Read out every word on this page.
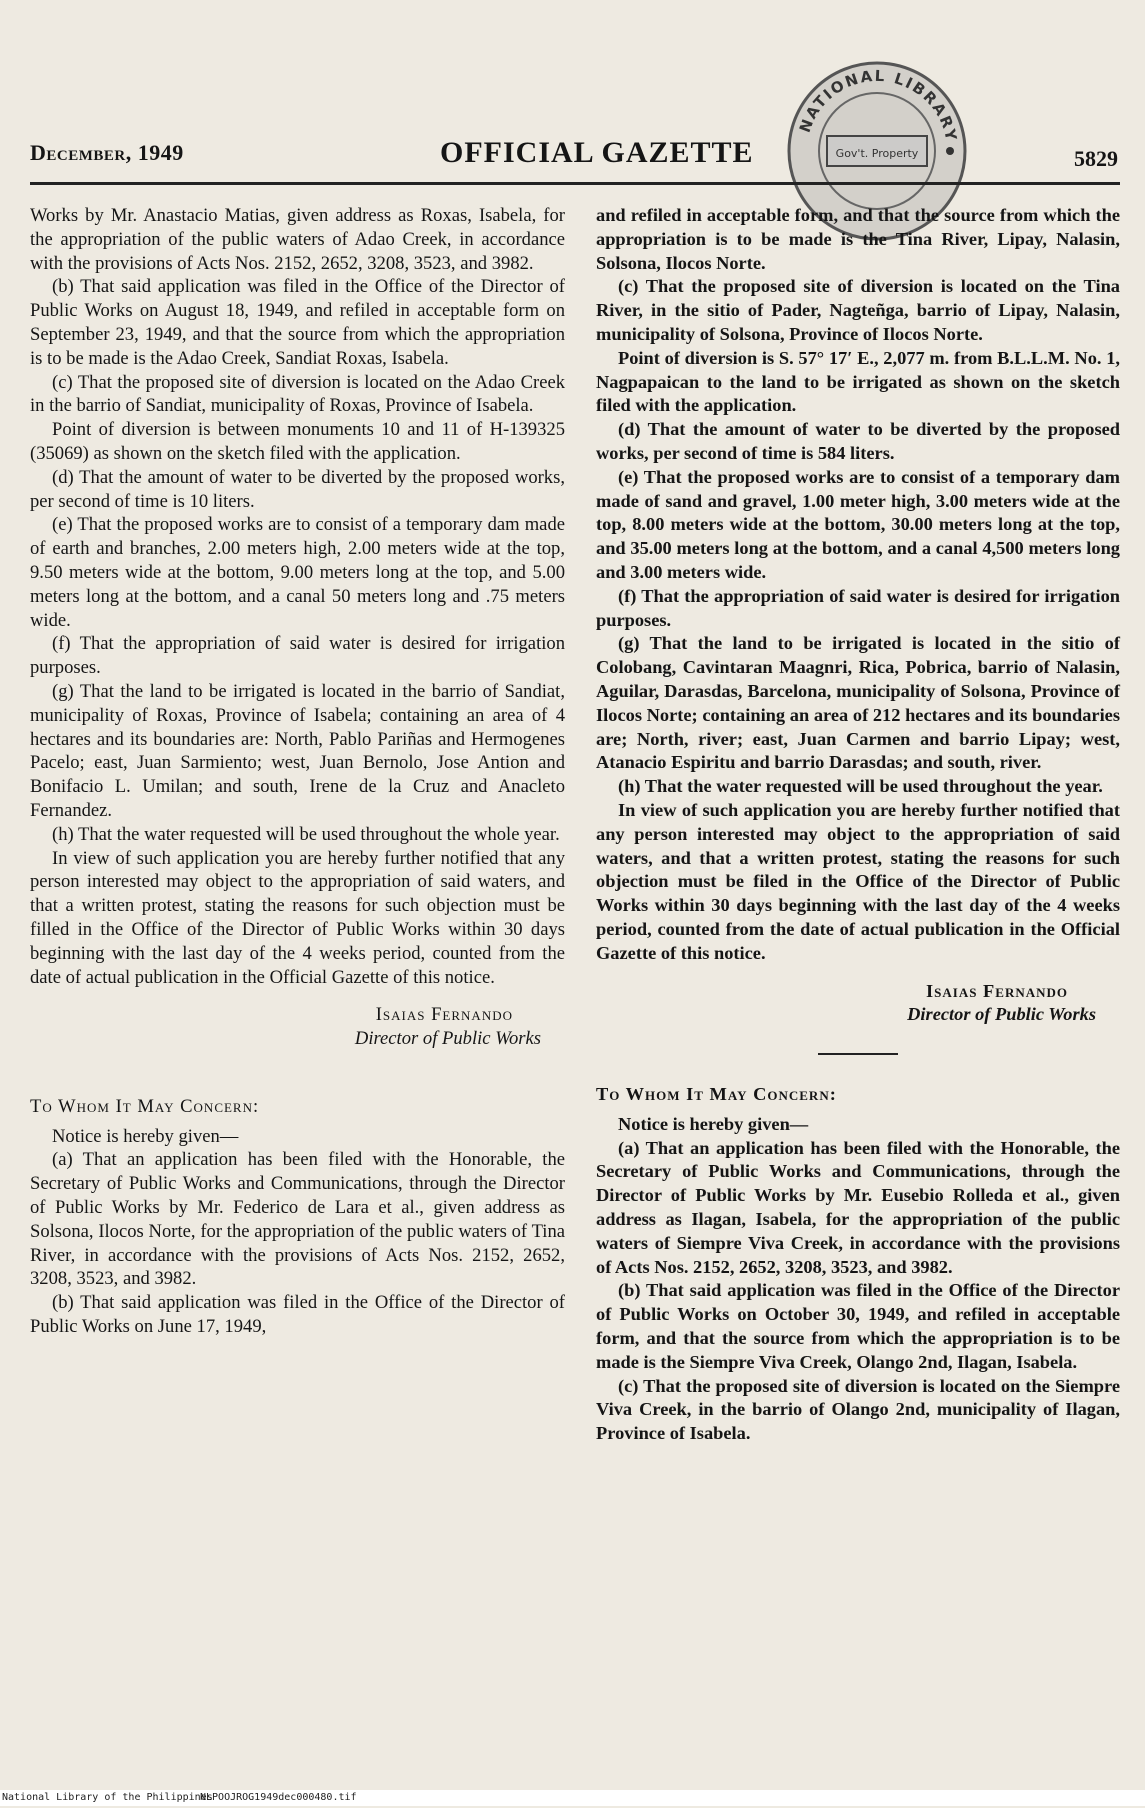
December, 1949	OFFICIAL GAZETTE	5829
NATIONAL LIBRARY
Gov't. Property

Works by Mr. Anastacio Matias, given address as Roxas, Isabela, for the appropriation of the public waters of Adao Creek, in accordance with the provisions of Acts Nos. 2152, 2652, 3208, 3523, and 3982.

(b) That said application was filed in the Office of the Director of Public Works on August 18, 1949, and refiled in acceptable form on September 23, 1949, and that the source from which the appropriation is to be made is the Adao Creek, Sandiat Roxas, Isabela.

(c) That the proposed site of diversion is located on the Adao Creek in the barrio of Sandiat, municipality of Roxas, Province of Isabela.

Point of diversion is between monuments 10 and 11 of H-139325 (35069) as shown on the sketch filed with the application.

(d) That the amount of water to be diverted by the proposed works, per second of time is 10 liters.

(e) That the proposed works are to consist of a temporary dam made of earth and branches, 2.00 meters high, 2.00 meters wide at the top, 9.50 meters wide at the bottom, 9.00 meters long at the top, and 5.00 meters long at the bottom, and a canal 50 meters long and .75 meters wide.

(f) That the appropriation of said water is desired for irrigation purposes.

(g) That the land to be irrigated is located in the barrio of Sandiat, municipality of Roxas, Province of Isabela; containing an area of 4 hectares and its boundaries are: North, Pablo Pariñas and Hermogenes Pacelo; east, Juan Sarmiento; west, Juan Bernolo, Jose Antion and Bonifacio L. Umilan; and south, Irene de la Cruz and Anacleto Fernandez.

(h) That the water requested will be used throughout the whole year.

In view of such application you are hereby further notified that any person interested may object to the appropriation of said waters, and that a written protest, stating the reasons for such objection must be filled in the Office of the Director of Public Works within 30 days beginning with the last day of the 4 weeks period, counted from the date of actual publication in the Official Gazette of this notice.

Isaias Fernando
Director of Public Works

To Whom It May Concern:

Notice is hereby given—

(a) That an application has been filed with the Honorable, the Secretary of Public Works and Communications, through the Director of Public Works by Mr. Federico de Lara et al., given address as Solsona, Ilocos Norte, for the appropriation of the public waters of Tina River, in accordance with the provisions of Acts Nos. 2152, 2652, 3208, 3523, and 3982.

(b) That said application was filed in the Office of the Director of Public Works on June 17, 1949,

and refiled in acceptable form, and that the source from which the appropriation is to be made is the Tina River, Lipay, Nalasin, Solsona, Ilocos Norte.

(c) That the proposed site of diversion is located on the Tina River, in the sitio of Pader, Nagteñga, barrio of Lipay, Nalasin, municipality of Solsona, Province of Ilocos Norte.

Point of diversion is S. 57° 17′ E., 2,077 m. from B.L.L.M. No. 1, Nagpapaican to the land to be irrigated as shown on the sketch filed with the application.

(d) That the amount of water to be diverted by the proposed works, per second of time is 584 liters.

(e) That the proposed works are to consist of a temporary dam made of sand and gravel, 1.00 meter high, 3.00 meters wide at the top, 8.00 meters wide at the bottom, 30.00 meters long at the top, and 35.00 meters long at the bottom, and a canal 4,500 meters long and 3.00 meters wide.

(f) That the appropriation of said water is desired for irrigation purposes.

(g) That the land to be irrigated is located in the sitio of Colobang, Cavintaran Maagnri, Rica, Pobrica, barrio of Nalasin, Aguilar, Darasdas, Barcelona, municipality of Solsona, Province of Ilocos Norte; containing an area of 212 hectares and its boundaries are; North, river; east, Juan Carmen and barrio Lipay; west, Atanacio Espiritu and barrio Darasdas; and south, river.

(h) That the water requested will be used throughout the year.

In view of such application you are hereby further notified that any person interested may object to the appropriation of said waters, and that a written protest, stating the reasons for such objection must be filed in the Office of the Director of Public Works within 30 days beginning with the last day of the 4 weeks period, counted from the date of actual publication in the Official Gazette of this notice.

Isaias Fernando
Director of Public Works

To Whom It May Concern:

Notice is hereby given—

(a) That an application has been filed with the Honorable, the Secretary of Public Works and Communications, through the Director of Public Works by Mr. Eusebio Rolleda et al., given address as Ilagan, Isabela, for the appropriation of the public waters of Siempre Viva Creek, in accordance with the provisions of Acts Nos. 2152, 2652, 3208, 3523, and 3982.

(b) That said application was filed in the Office of the Director of Public Works on October 30, 1949, and refiled in acceptable form, and that the source from which the appropriation is to be made is the Siempre Viva Creek, Olango 2nd, Ilagan, Isabela.

(c) That the proposed site of diversion is located on the Siempre Viva Creek, in the barrio of Olango 2nd, municipality of Ilagan, Province of Isabela.

National Library of the Philippines
NLPOOJROG1949dec000480.tif
